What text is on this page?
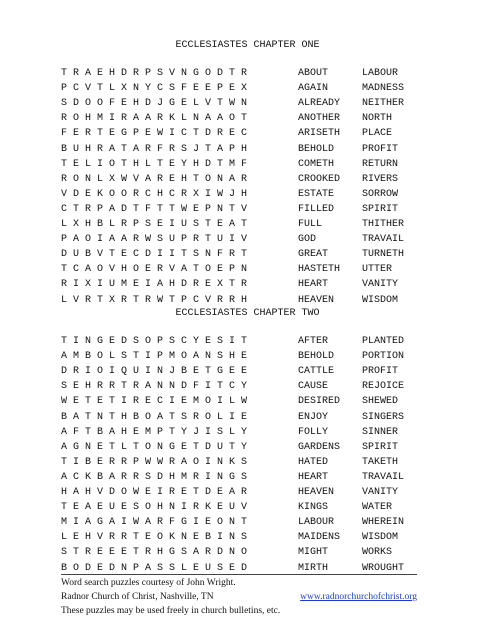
ECCLESIASTES CHAPTER ONE
T R A E H D R P S V N G O D T R	ABOUT	LABOUR
P C V T L X N Y C S F E E P E X	AGAIN	MADNESS
S D O O F E H D J G E L V T W N	ALREADY NEITHER
R O H M I R A A R K L N A A O T	ANOTHER NORTH
F E R T E G P E W I C T D R E C	ARISETH PLACE
B U H R A T A R F R S J T A P H	BEHOLD	PROFIT
T E L I O T H L T E Y H D T M F	COMETH	RETURN
R O N L X W V A R E H T O N A R	CROOKED RIVERS
V D E K O O R C H C R X I W J H	ESTATE	SORROW
C T R P A D T F T T W E P N T V	FILLED	SPIRIT
L X H B L R P S E I U S T E A T	FULL	THITHER
P A O I A A R W S U P R T U I V	GOD	TRAVAIL
D U B V T E C D I I T S N F R T	GREAT	TURNETH
T C A O V H O E R V A T O E P N	HASTETH UTTER
R I X I U M E I A H D R E X T R	HEART	VANITY
L V R T X R T R W T P C V R R H	HEAVEN	WISDOM
ECCLESIASTES CHAPTER TWO
T I N G E D S O P S C Y E S I T	AFTER	PLANTED
A M B O L S T I P M O A N S H E	BEHOLD	PORTION
D R I O I Q U I N J B E T G E E	CATTLE	PROFIT
S E H R R T R A N N D F I T C Y	CAUSE	REJOICE
W E T E T I R E C I E M O I L W	DESIRED SHEWED
B A T N T H B O A T S R O L I E	ENJOY	SINGERS
A F T B A H E M P T Y J I S L Y	FOLLY	SINNER
A G N E T L T O N G E T D U T Y	GARDENS SPIRIT
T I B E R R P W W R A O I N K S	HATED	TAKETH
A C K B A R R S D H M R I N G S	HEART	TRAVAIL
H A H V D O W E I R E T D E A R	HEAVEN	VANITY
T E A E U E S O H N I R K E U V	KINGS	WATER
M I A G A I W A R F G I E O N T	LABOUR	WHEREIN
L E H V R R T E O K N E B I N S	MAIDENS WISDOM
S T R E E E T R H G S A R D N O	MIGHT	WORKS
B O D E D N P A S S L E U S E D	MIRTH	WROUGHT
Word search puzzles courtesy of John Wright.
Radnor Church of Christ, Nashville, TN	www.radnorchurchofchrist.org
These puzzles may be used freely in church bulletins, etc.
